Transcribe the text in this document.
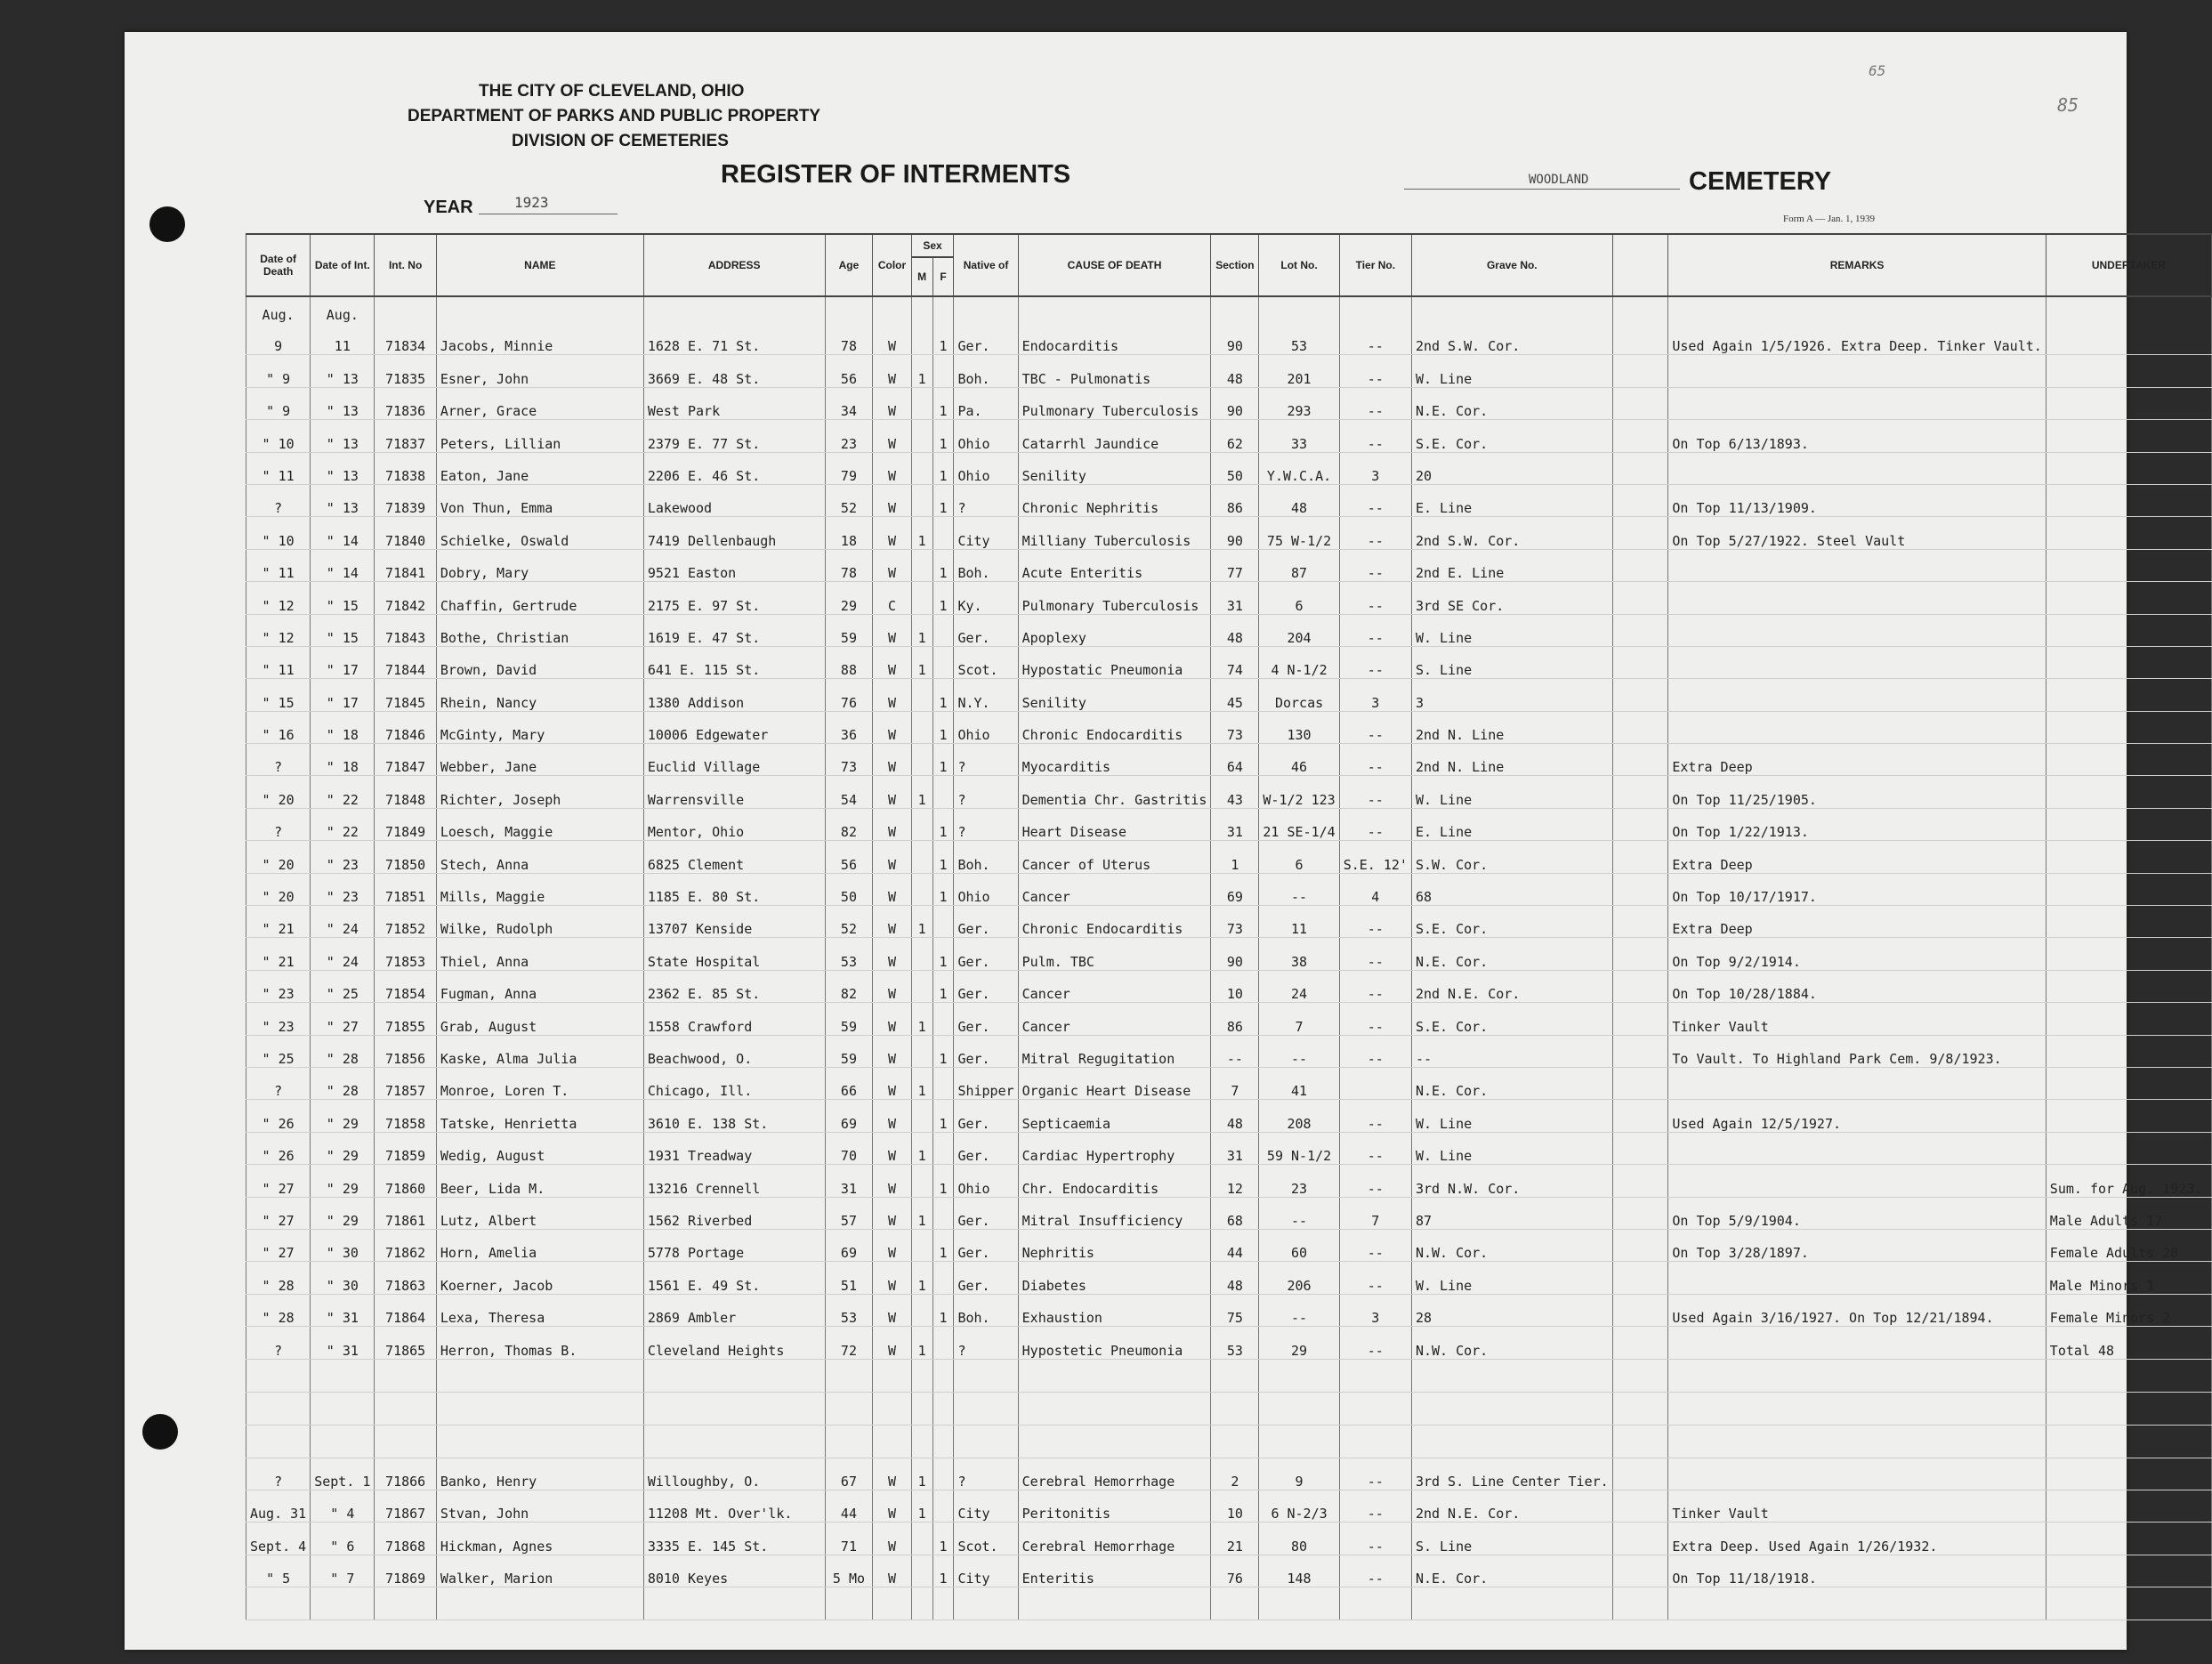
THE CITY OF CLEVELAND, OHIO
DEPARTMENT OF PARKS AND PUBLIC PROPERTY
DIVISION OF CEMETERIES
REGISTER OF INTERMENTS
YEAR	1923
WOODLAND	CEMETERY
Form A — Jan. 1, 1939
65
85
Date of Death	Date of Int.	Int. No	NAME	ADDRESS	Age	Color	Sex		Native of	CAUSE OF DEATH	Section	Lot No.	Tier No.	Grave No.		REMARKS	UNDERTAKER
							M	F									
Aug.	Aug.																
9	11	71834	Jacobs, Minnie	1628 E. 71 St.	78	W		1	Ger.	Endocarditis	90	53	--	2nd S.W. Cor.		Used Again 1/5/1926. Extra Deep. Tinker Vault.	
" 9	" 13	71835	Esner, John	3669 E. 48 St.	56	W	1		Boh.	TBC - Pulmonatis	48	201	--	W. Line			
" 9	" 13	71836	Arner, Grace	West Park	34	W		1	Pa.	Pulmonary Tuberculosis	90	293	--	N.E. Cor.			
" 10	" 13	71837	Peters, Lillian	2379 E. 77 St.	23	W		1	Ohio	Catarrhl Jaundice	62	33	--	S.E. Cor.		On Top 6/13/1893.	
" 11	" 13	71838	Eaton, Jane	2206 E. 46 St.	79	W		1	Ohio	Senility	50	Y.W.C.A.	3	20			
?	" 13	71839	Von Thun, Emma	Lakewood	52	W		1	?	Chronic Nephritis	86	48	--	E. Line		On Top 11/13/1909.	
" 10	" 14	71840	Schielke, Oswald	7419 Dellenbaugh	18	W	1		City	Milliany Tuberculosis	90	75 W-1/2	--	2nd S.W. Cor.		On Top 5/27/1922. Steel Vault	
" 11	" 14	71841	Dobry, Mary	9521 Easton	78	W		1	Boh.	Acute Enteritis	77	87	--	2nd E. Line			
" 12	" 15	71842	Chaffin, Gertrude	2175 E. 97 St.	29	C		1	Ky.	Pulmonary Tuberculosis	31	6	--	3rd SE Cor.			
" 12	" 15	71843	Bothe, Christian	1619 E. 47 St.	59	W	1		Ger.	Apoplexy	48	204	--	W. Line			
" 11	" 17	71844	Brown, David	641 E. 115 St.	88	W	1		Scot.	Hypostatic Pneumonia	74	4 N-1/2	--	S. Line			
" 15	" 17	71845	Rhein, Nancy	1380 Addison	76	W		1	N.Y.	Senility	45	Dorcas	3	3			
" 16	" 18	71846	McGinty, Mary	10006 Edgewater	36	W		1	Ohio	Chronic Endocarditis	73	130	--	2nd N. Line			
?	" 18	71847	Webber, Jane	Euclid Village	73	W		1	?	Myocarditis	64	46	--	2nd N. Line		Extra Deep	
" 20	" 22	71848	Richter, Joseph	Warrensville	54	W	1		?	Dementia Chr. Gastritis	43	W-1/2 123	--	W. Line		On Top 11/25/1905.	
?	" 22	71849	Loesch, Maggie	Mentor, Ohio	82	W		1	?	Heart Disease	31	21 SE-1/4	--	E. Line		On Top 1/22/1913.	
" 20	" 23	71850	Stech, Anna	6825 Clement	56	W		1	Boh.	Cancer of Uterus	1	6	S.E. 12'	S.W. Cor.		Extra Deep	
" 20	" 23	71851	Mills, Maggie	1185 E. 80 St.	50	W		1	Ohio	Cancer	69	--	4	68		On Top 10/17/1917.	
" 21	" 24	71852	Wilke, Rudolph	13707 Kenside	52	W	1		Ger.	Chronic Endocarditis	73	11	--	S.E. Cor.		Extra Deep	
" 21	" 24	71853	Thiel, Anna	State Hospital	53	W		1	Ger.	Pulm. TBC	90	38	--	N.E. Cor.		On Top 9/2/1914.	
" 23	" 25	71854	Fugman, Anna	2362 E. 85 St.	82	W		1	Ger.	Cancer	10	24	--	2nd N.E. Cor.		On Top 10/28/1884.	
" 23	" 27	71855	Grab, August	1558 Crawford	59	W	1		Ger.	Cancer	86	7	--	S.E. Cor.		Tinker Vault	
" 25	" 28	71856	Kaske, Alma Julia	Beachwood, O.	59	W		1	Ger.	Mitral Regugitation	--	--	--	--		To Vault. To Highland Park Cem. 9/8/1923.	
?	" 28	71857	Monroe, Loren T.	Chicago, Ill.	66	W	1		Shipper	Organic Heart Disease	7	41		N.E. Cor.			
" 26	" 29	71858	Tatske, Henrietta	3610 E. 138 St.	69	W		1	Ger.	Septicaemia	48	208	--	W. Line		Used Again 12/5/1927.	
" 26	" 29	71859	Wedig, August	1931 Treadway	70	W	1		Ger.	Cardiac Hypertrophy	31	59 N-1/2	--	W. Line			
" 27	" 29	71860	Beer, Lida M.	13216 Crennell	31	W		1	Ohio	Chr. Endocarditis	12	23	--	3rd N.W. Cor.			Sum. for Aug. 1923.
" 27	" 29	71861	Lutz, Albert	1562 Riverbed	57	W	1		Ger.	Mitral Insufficiency	68	--	7	87		On Top 5/9/1904.	Male Adults 17
" 27	" 30	71862	Horn, Amelia	5778 Portage	69	W		1	Ger.	Nephritis	44	60	--	N.W. Cor.		On Top 3/28/1897.	Female Adults 28
" 28	" 30	71863	Koerner, Jacob	1561 E. 49 St.	51	W	1		Ger.	Diabetes	48	206	--	W. Line			Male Minors 1
" 28	" 31	71864	Lexa, Theresa	2869 Ambler	53	W		1	Boh.	Exhaustion	75	--	3	28		Used Again 3/16/1927. On Top 12/21/1894.	Female Minors 2
?	" 31	71865	Herron, Thomas B.	Cleveland Heights	72	W	1		?	Hypostetic Pneumonia	53	29	--	N.W. Cor.			Total 48

?	Sept. 1	71866	Banko, Henry	Willoughby, O.	67	W	1		?	Cerebral Hemorrhage	2	9	--	3rd S. Line Center Tier.			
Aug. 31	" 4	71867	Stvan, John	11208 Mt. Over'lk.	44	W	1		City	Peritonitis	10	6 N-2/3	--	2nd N.E. Cor.		Tinker Vault	
Sept. 4	" 6	71868	Hickman, Agnes	3335 E. 145 St.	71	W		1	Scot.	Cerebral Hemorrhage	21	80	--	S. Line		Extra Deep. Used Again 1/26/1932.	
" 5	" 7	71869	Walker, Marion	8010 Keyes	5 Mo	W		1	City	Enteritis	76	148	--	N.E. Cor.		On Top 11/18/1918.	
